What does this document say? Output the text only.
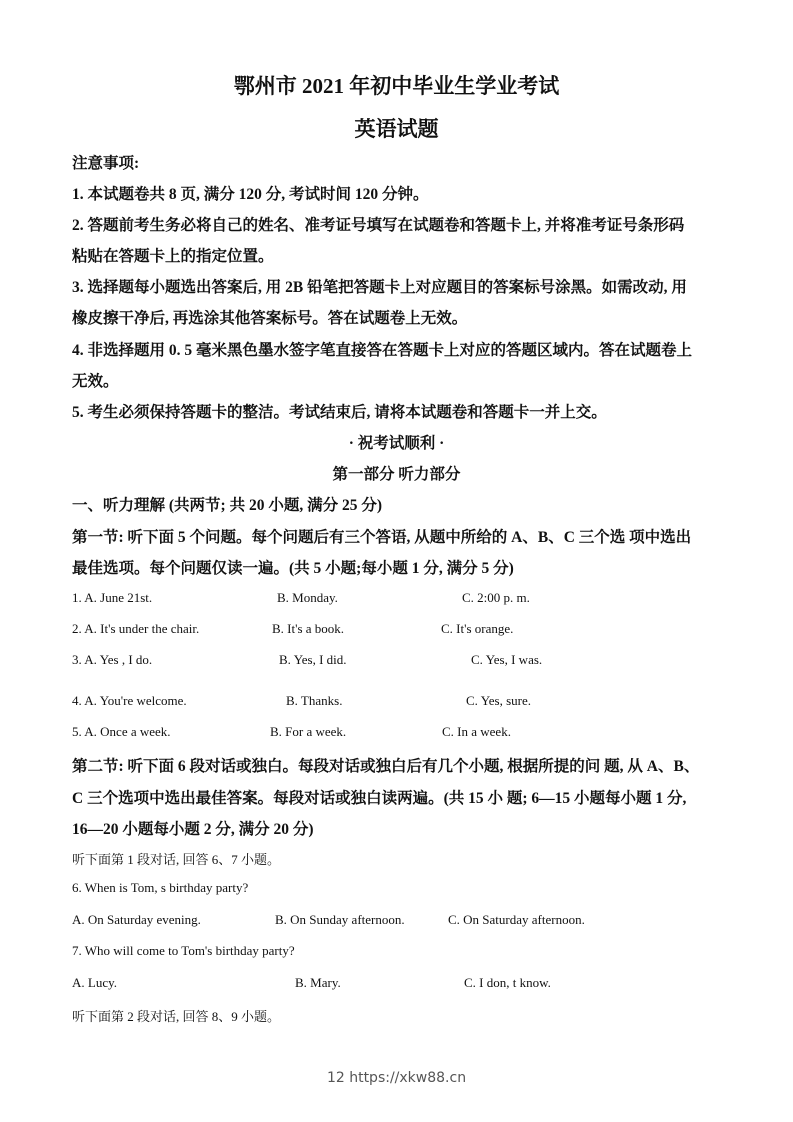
鄂州市 2021 年初中毕业生学业考试
英语试题
注意事项:
1. 本试题卷共 8 页, 满分 120 分, 考试时间 120 分钟。
2. 答题前考生务必将自己的姓名、准考证号填写在试题卷和答题卡上, 并将准考证号条形码
粘贴在答题卡上的指定位置。
3. 选择题每小题选出答案后, 用 2B 铅笔把答题卡上对应题目的答案标号涂黑。如需改动, 用
橡皮擦干净后, 再选涂其他答案标号。答在试题卷上无效。
4. 非选择题用 0. 5 毫米黑色墨水签字笔直接答在答题卡上对应的答题区域内。答在试题卷上
无效。
5. 考生必须保持答题卡的整洁。考试结束后, 请将本试题卷和答题卡一并上交。
· 祝考试顺利 ·
第一部分 听力部分
一、听力理解 (共两节; 共 20 小题, 满分 25 分)
第一节: 听下面 5 个问题。每个问题后有三个答语, 从题中所给的 A、B、C 三个选 项中选出
最佳选项。每个问题仅读一遍。(共 5 小题;每小题 1 分, 满分 5 分)
1. A. June 21st.	B. Monday.	C. 2:00 p. m.
2. A. It's under the chair.	B. It's a book.	C. It's orange.
3. A. Yes , I do.	B. Yes, I did.	C. Yes, I was.
4. A. You're welcome.	B. Thanks.	C. Yes, sure.
5. A. Once a week.	B. For a week.	C. In a week.
第二节: 听下面 6 段对话或独白。每段对话或独白后有几个小题, 根据所提的问 题, 从 A、B、
C 三个选项中选出最佳答案。每段对话或独白读两遍。(共 15 小 题; 6—15 小题每小题 1 分,
16—20 小题每小题 2 分, 满分 20 分)
听下面第 1 段对话, 回答 6、7 小题。
6. When is Tom, s birthday party?
A. On Saturday evening.	B. On Sunday afternoon.	C. On Saturday afternoon.
7. Who will come to Tom's birthday party?
A. Lucy.	B. Mary.	C. I don, t know.
听下面第 2 段对话, 回答 8、9 小题。
12 https://xkw88.cn
